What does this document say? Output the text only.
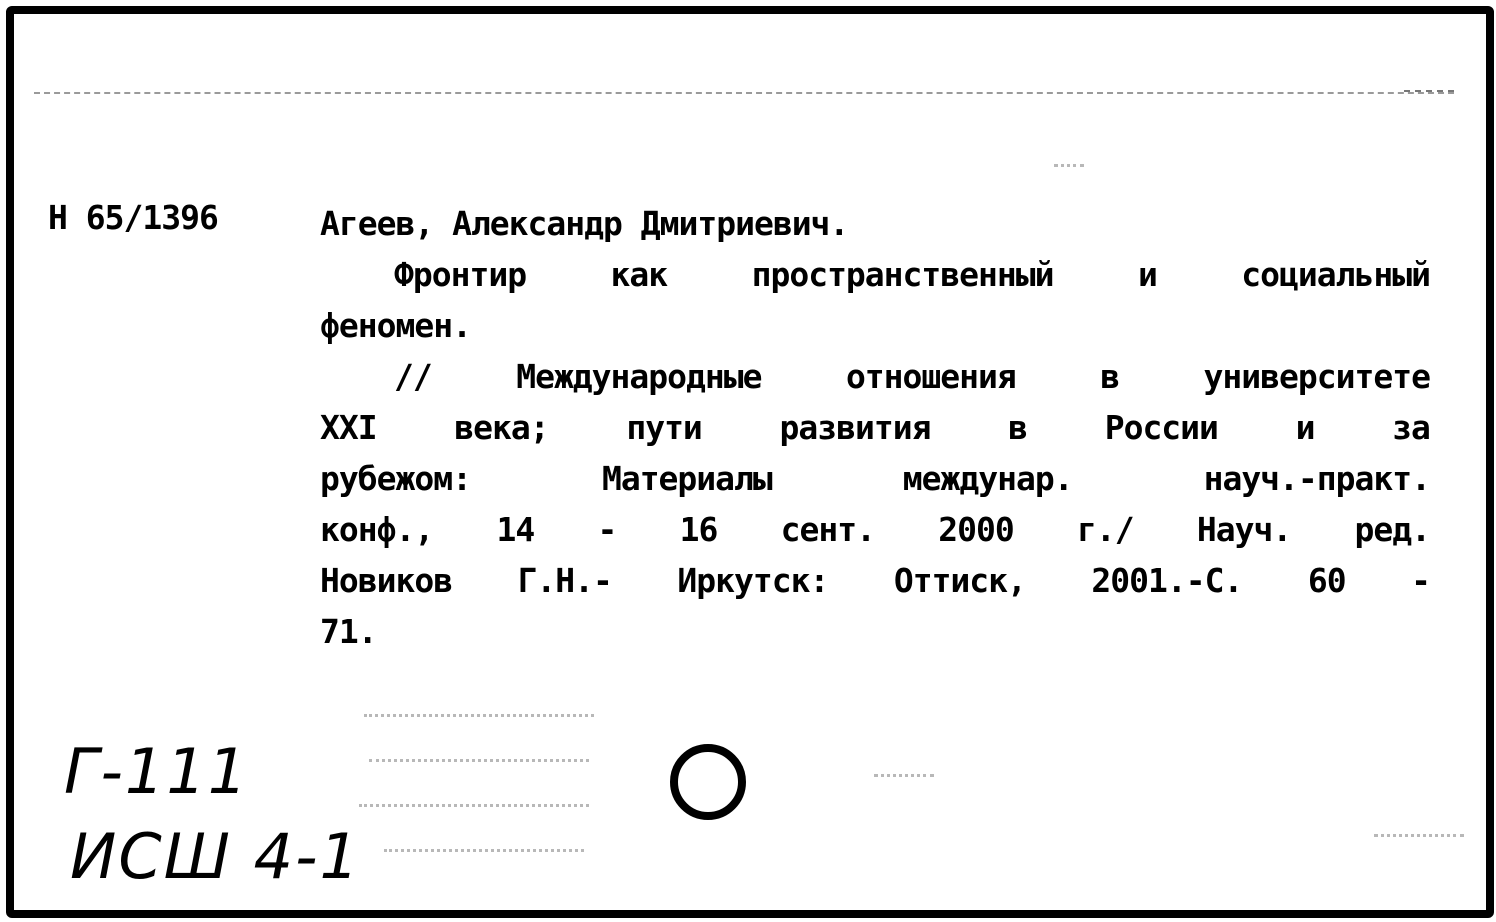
Н 65/1396	Агеев, Александр Дмитриевич.
Фронтир	как	пространственный	и	социальный
феномен.
//	Международные	отношения	в	университете
XXI века; пути развития в России и за
рубежом:	Материалы	междунар.	науч.-практ.
конф., 14 - 16 сент. 2000 г./ Науч. ред.
Новиков Г.Н.- Иркутск: Оттиск, 2001.-С. 60 -
71.
Г-111
ИСШ 4-1
